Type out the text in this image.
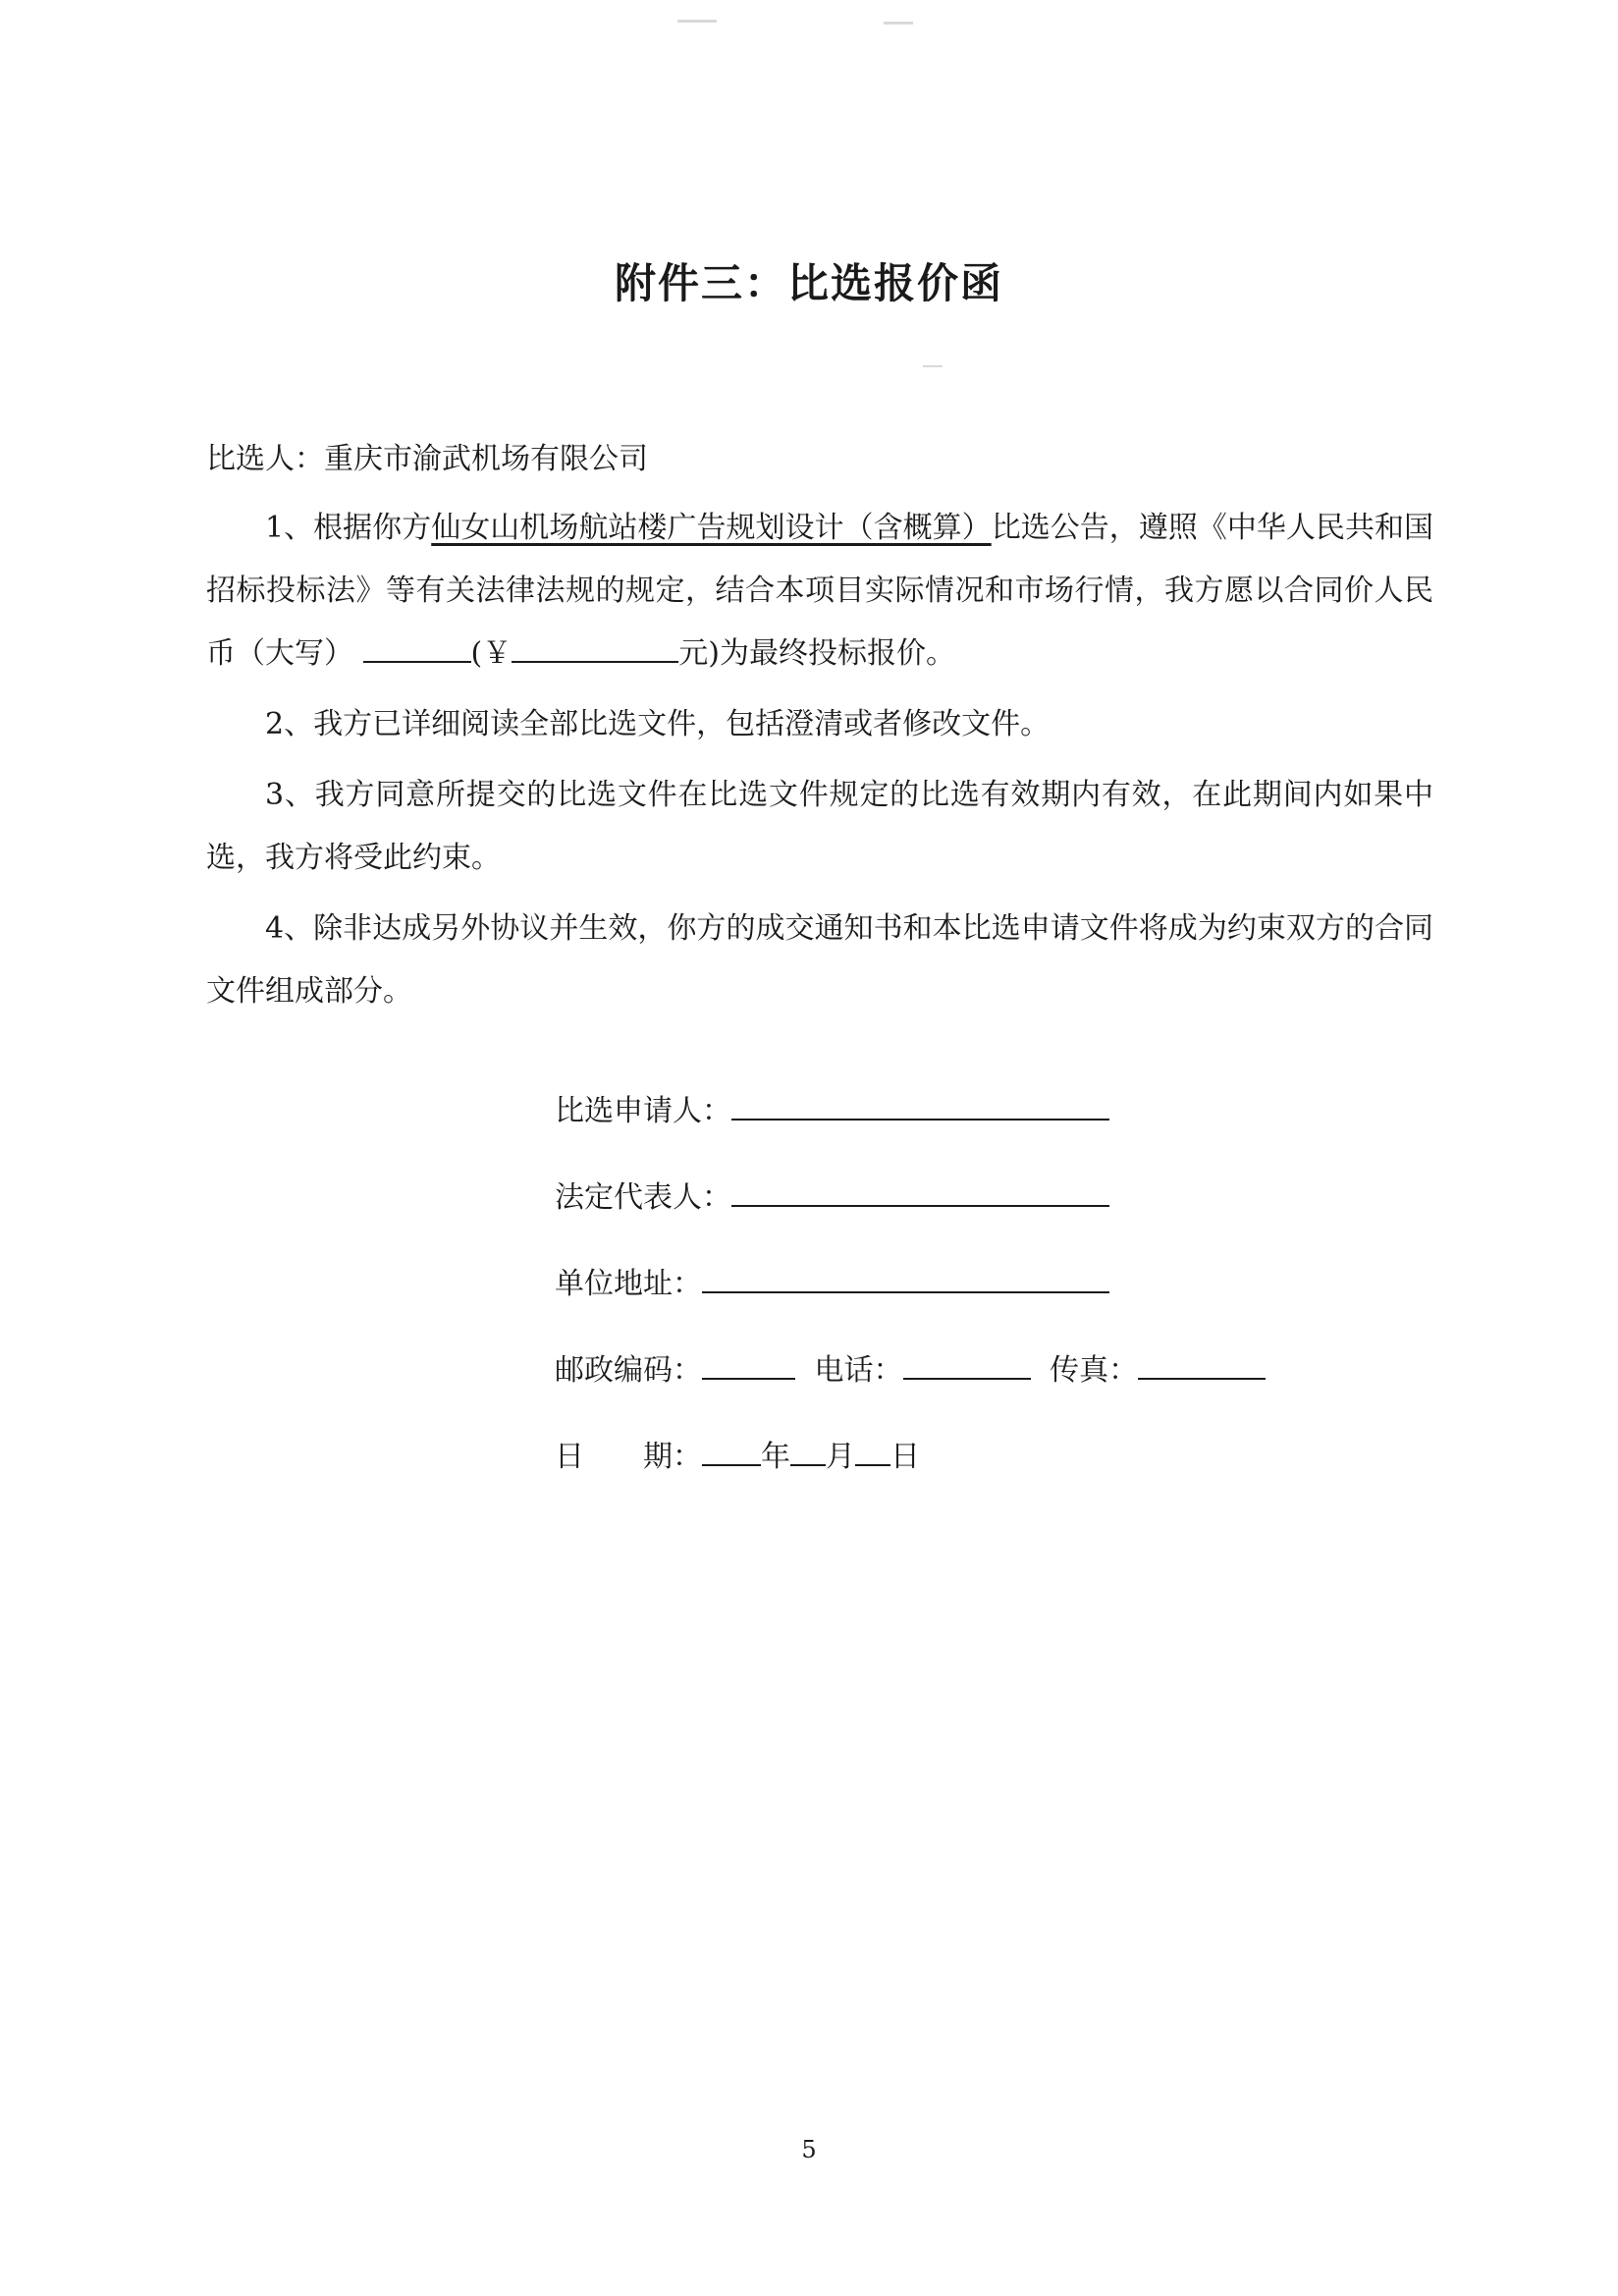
附件三：比选报价函
比选人：重庆市渝武机场有限公司

1、根据你方仙女山机场航站楼广告规划设计（含概算）比选公告，遵照《中华人民共和国招标投标法》等有关法律法规的规定，结合本项目实际情况和市场行情，我方愿以合同价人民币（大写）	(￥	元)为最终投标报价。

2、我方已详细阅读全部比选文件，包括澄清或者修改文件。

3、我方同意所提交的比选文件在比选文件规定的比选有效期内有效，在此期间内如果中选，我方将受此约束。

4、除非达成另外协议并生效，你方的成交通知书和本比选申请文件将成为约束双方的合同文件组成部分。

比选申请人：
法定代表人：
单位地址：
邮政编码：	电话：	传真：
日　　期： 年 月 日
5
